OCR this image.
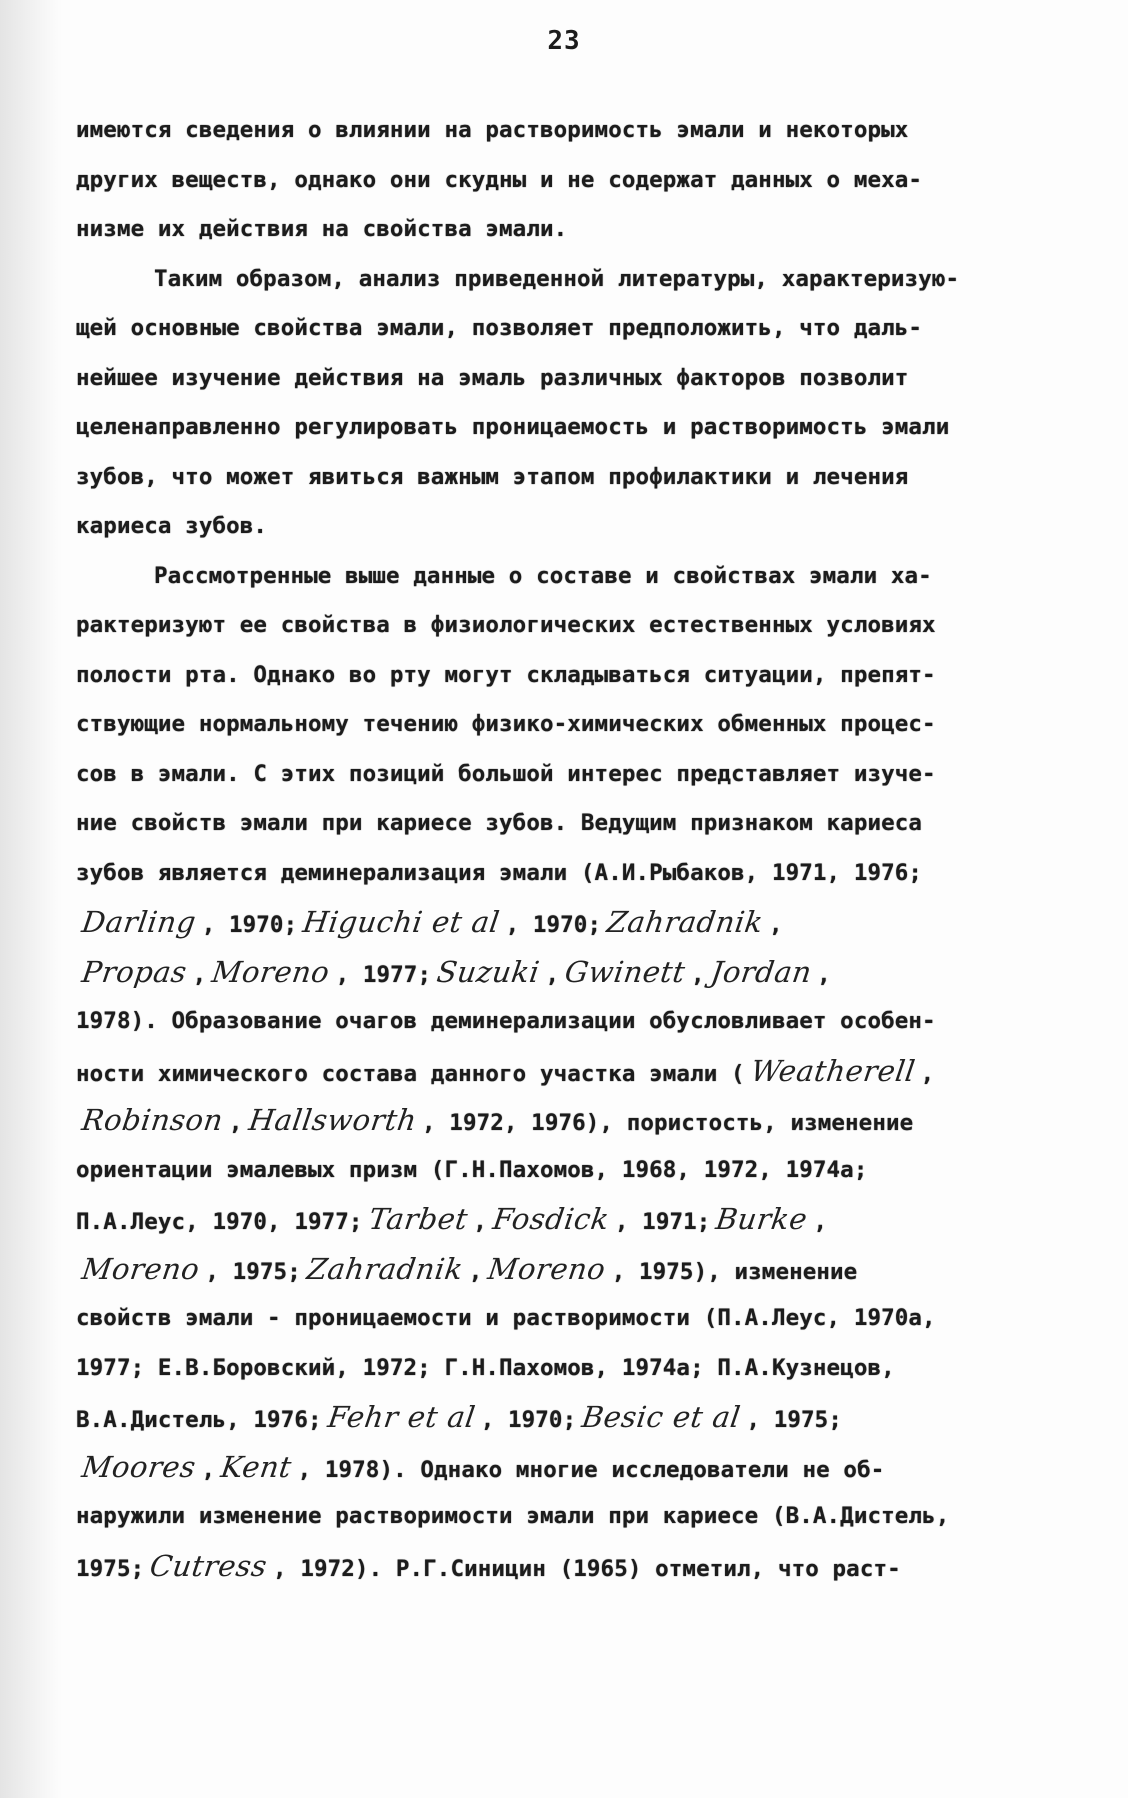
23
имеются сведения о влиянии на растворимость эмали и некоторых
других веществ, однако они скудны и не содержат данных о меха-
низме их действия на свойства эмали.
Таким образом, анализ приведенной литературы, характеризую-
щей основные свойства эмали, позволяет предположить, что даль-
нейшее изучение действия на эмаль различных факторов позволит
целенаправленно регулировать проницаемость и растворимость эмали
зубов, что может явиться важным этапом профилактики и лечения
кариеса зубов.
Рассмотренные выше данные о составе и свойствах эмали ха-
рактеризуют ее свойства в физиологических естественных условиях
полости рта. Однако во рту могут складываться ситуации, препят-
ствующие нормальному течению физико-химических обменных процес-
сов в эмали. С этих позиций большой интерес представляет изуче-
ние свойств эмали при кариесе зубов. Ведущим признаком кариеса
зубов является деминерализация эмали (А.И.Рыбаков, 1971, 1976;
Darling , 1970; Higuchi et al , 1970; Zahradnik ,
Propas , Moreno , 1977; Suzuki , Gwinett , Jordan ,
1978). Образование очагов деминерализации обусловливает особен-
ности химического состава данного участка эмали ( Weatherell ,
Robinson , Hallsworth , 1972, 1976), пористость, изменение
ориентации эмалевых призм (Г.Н.Пахомов, 1968, 1972, 1974а;
П.А.Леус, 1970, 1977; Tarbet , Fosdick , 1971; Burke ,
Moreno , 1975; Zahradnik , Moreno , 1975), изменение
свойств эмали - проницаемости и растворимости (П.А.Леус, 1970а,
1977; Е.В.Боровский, 1972; Г.Н.Пахомов, 1974а; П.А.Кузнецов,
В.А.Дистель, 1976; Fehr et al , 1970; Besic et al , 1975;
Moores , Kent , 1978). Однако многие исследователи не об-
наружили изменение растворимости эмали при кариесе (В.А.Дистель,
1975; Cutress , 1972). Р.Г.Синицин (1965) отметил, что раст-
